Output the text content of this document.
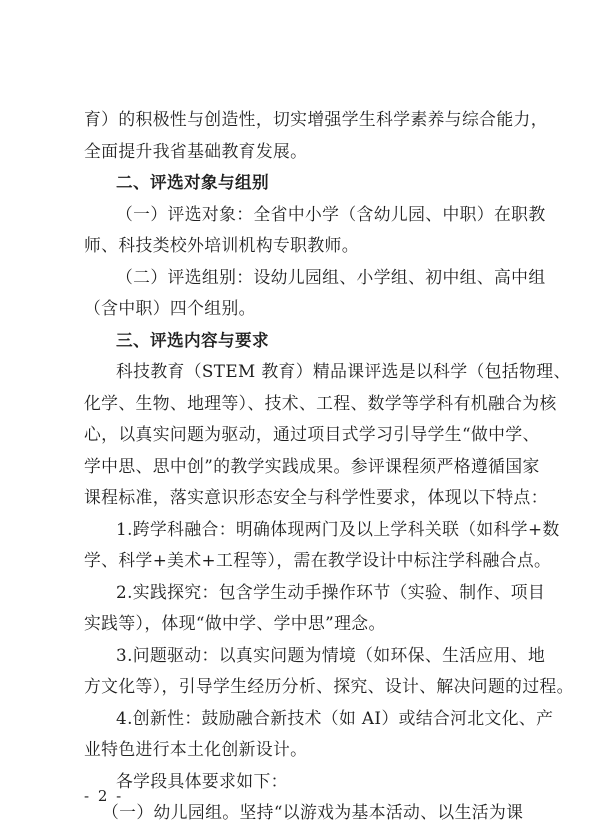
育）的积极性与创造性，切实增强学生科学素养与综合能力，
全面提升我省基础教育发展。
二、评选对象与组别
（一）评选对象：全省中小学（含幼儿园、中职）在职教
师、科技类校外培训机构专职教师。
（二）评选组别：设幼儿园组、小学组、初中组、高中组
（含中职）四个组别。
三、评选内容与要求
科技教育（STEM 教育）精品课评选是以科学（包括物理、
化学、生物、地理等）、技术、工程、数学等学科有机融合为核
心，以真实问题为驱动，通过项目式学习引导学生“做中学、
学中思、思中创”的教学实践成果。参评课程须严格遵循国家
课程标准，落实意识形态安全与科学性要求，体现以下特点：
1.跨学科融合：明确体现两门及以上学科关联（如科学+数
学、科学+美术+工程等），需在教学设计中标注学科融合点。
2.实践探究：包含学生动手操作环节（实验、制作、项目
实践等），体现“做中学、学中思”理念。
3.问题驱动：以真实问题为情境（如环保、生活应用、地
方文化等），引导学生经历分析、探究、设计、解决问题的过程。
4.创新性：鼓励融合新技术（如 AI）或结合河北文化、产
业特色进行本土化创新设计。
各学段具体要求如下：
（一）幼儿园组。坚持“以游戏为基本活动、以生活为课
- 2 -
